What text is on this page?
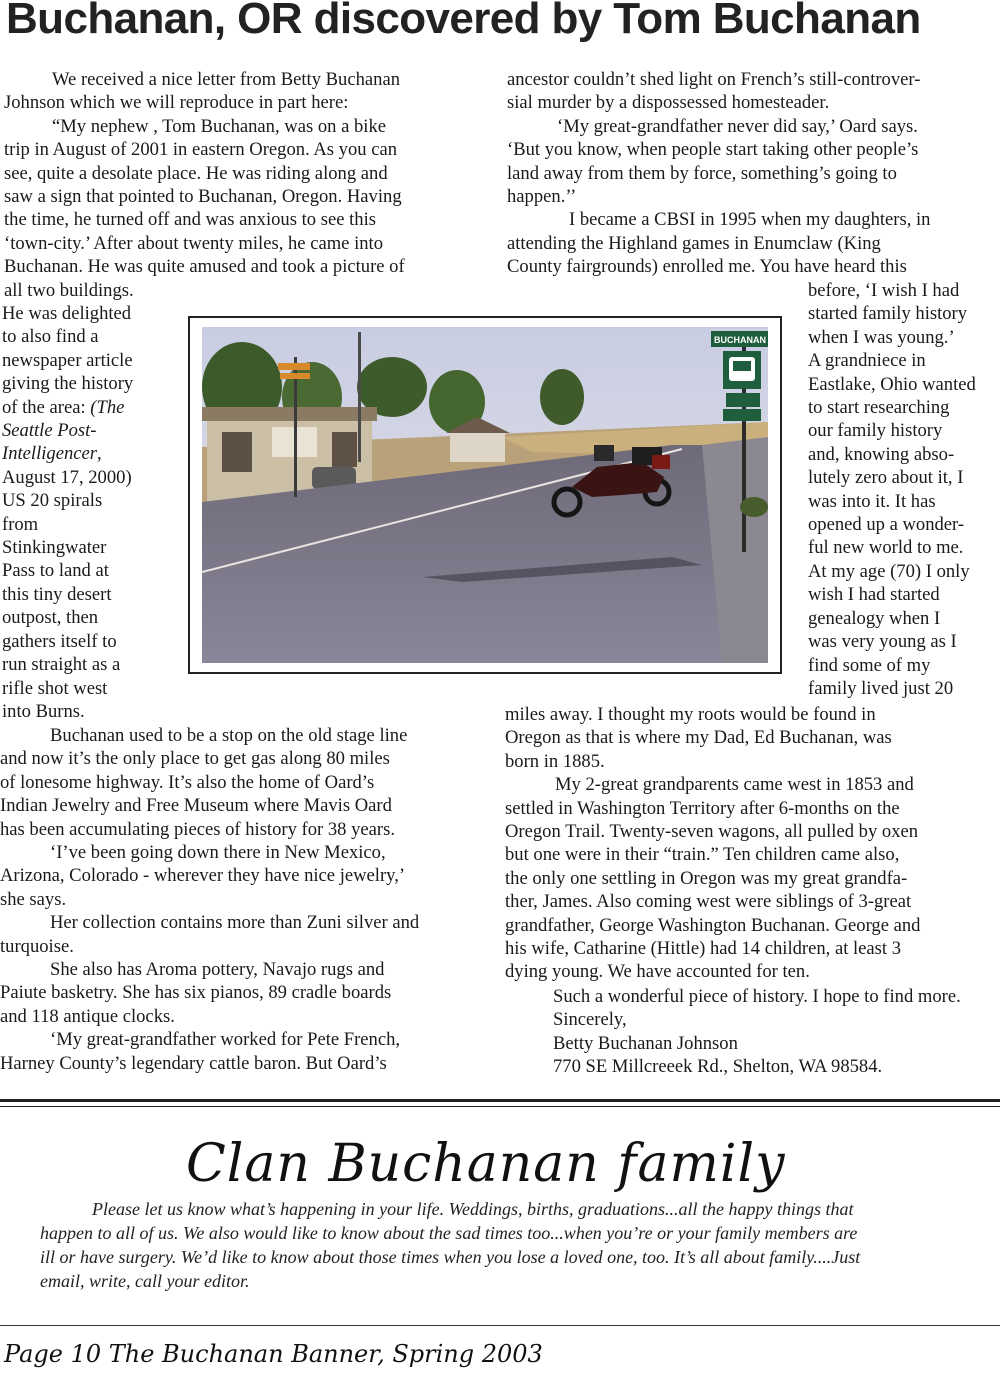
Buchanan, OR discovered by Tom Buchanan
We received a nice letter from Betty Buchanan
Johnson which we will reproduce in part here:
“My nephew , Tom Buchanan, was on a bike
trip in August of 2001 in eastern Oregon. As you can
see, quite a desolate place. He was riding along and
saw a sign that pointed to Buchanan, Oregon. Having
the time, he turned off and was anxious to see this
‘town-city.’ After about twenty miles, he came into
Buchanan. He was quite amused and took a picture of
all two buildings.
He was delighted
to also find a
newspaper article
giving the history
of the area: (The
Seattle Post-
Intelligencer,
August 17, 2000)
US 20 spirals
from
Stinkingwater
Pass to land at
this tiny desert
outpost, then
gathers itself to
run straight as a
rifle shot west
into Burns.
Buchanan used to be a stop on the old stage line
and now it’s the only place to get gas along 80 miles
of lonesome highway. It’s also the home of Oard’s
Indian Jewelry and Free Museum where Mavis Oard
has been accumulating pieces of history for 38 years.
‘I’ve been going down there in New Mexico,
Arizona, Colorado - wherever they have nice jewelry,’
she says.
Her collection contains more than Zuni silver and
turquoise.
She also has Aroma pottery, Navajo rugs and
Paiute basketry. She has six pianos, 89 cradle boards
and 118 antique clocks.
‘My great-grandfather worked for Pete French,
Harney County’s legendary cattle baron. But Oard’s
ancestor couldn’t shed light on French’s still-controver-
sial murder by a dispossessed homesteader.
‘My great-grandfather never did say,’ Oard says.
‘But you know, when people start taking other people’s
land away from them by force, something’s going to
happen.’’
I became a CBSI in 1995 when my daughters, in
attending the Highland games in Enumclaw (King
County fairgrounds) enrolled me. You have heard this
before, ‘I wish I had
started family history
when I was young.’
A grandniece in
Eastlake, Ohio wanted
to start researching
our family history
and, knowing abso-
lutely zero about it, I
was into it. It has
opened up a wonder-
ful new world to me.
At my age (70) I only
wish I had started
genealogy when I
was very young as I
find some of my
family lived just 20
miles away. I thought my roots would be found in
Oregon as that is where my Dad, Ed Buchanan, was
born in 1885.
My 2-great grandparents came west in 1853 and
settled in Washington Territory after 6-months on the
Oregon Trail. Twenty-seven wagons, all pulled by oxen
but one were in their “train.” Ten children came also,
the only one settling in Oregon was my great grandfa-
ther, James. Also coming west were siblings of 3-great
grandfather, George Washington Buchanan. George and
his wife, Catharine (Hittle) had 14 children, at least 3
dying young. We have accounted for ten.
Such a wonderful piece of history. I hope to find more.
Sincerely,
Betty Buchanan Johnson
770 SE Millcreeek Rd., Shelton, WA 98584.
BUCHANAN
Clan Buchanan family
Please let us know what’s happening in your life. Weddings, births, graduations...all the happy things that
happen to all of us. We also would like to know about the sad times too...when you’re or your family members are
ill or have surgery. We’d like to know about those times when you lose a loved one, too. It’s all about family....Just
email, write, call your editor.
Page 10 The Buchanan Banner, Spring 2003
